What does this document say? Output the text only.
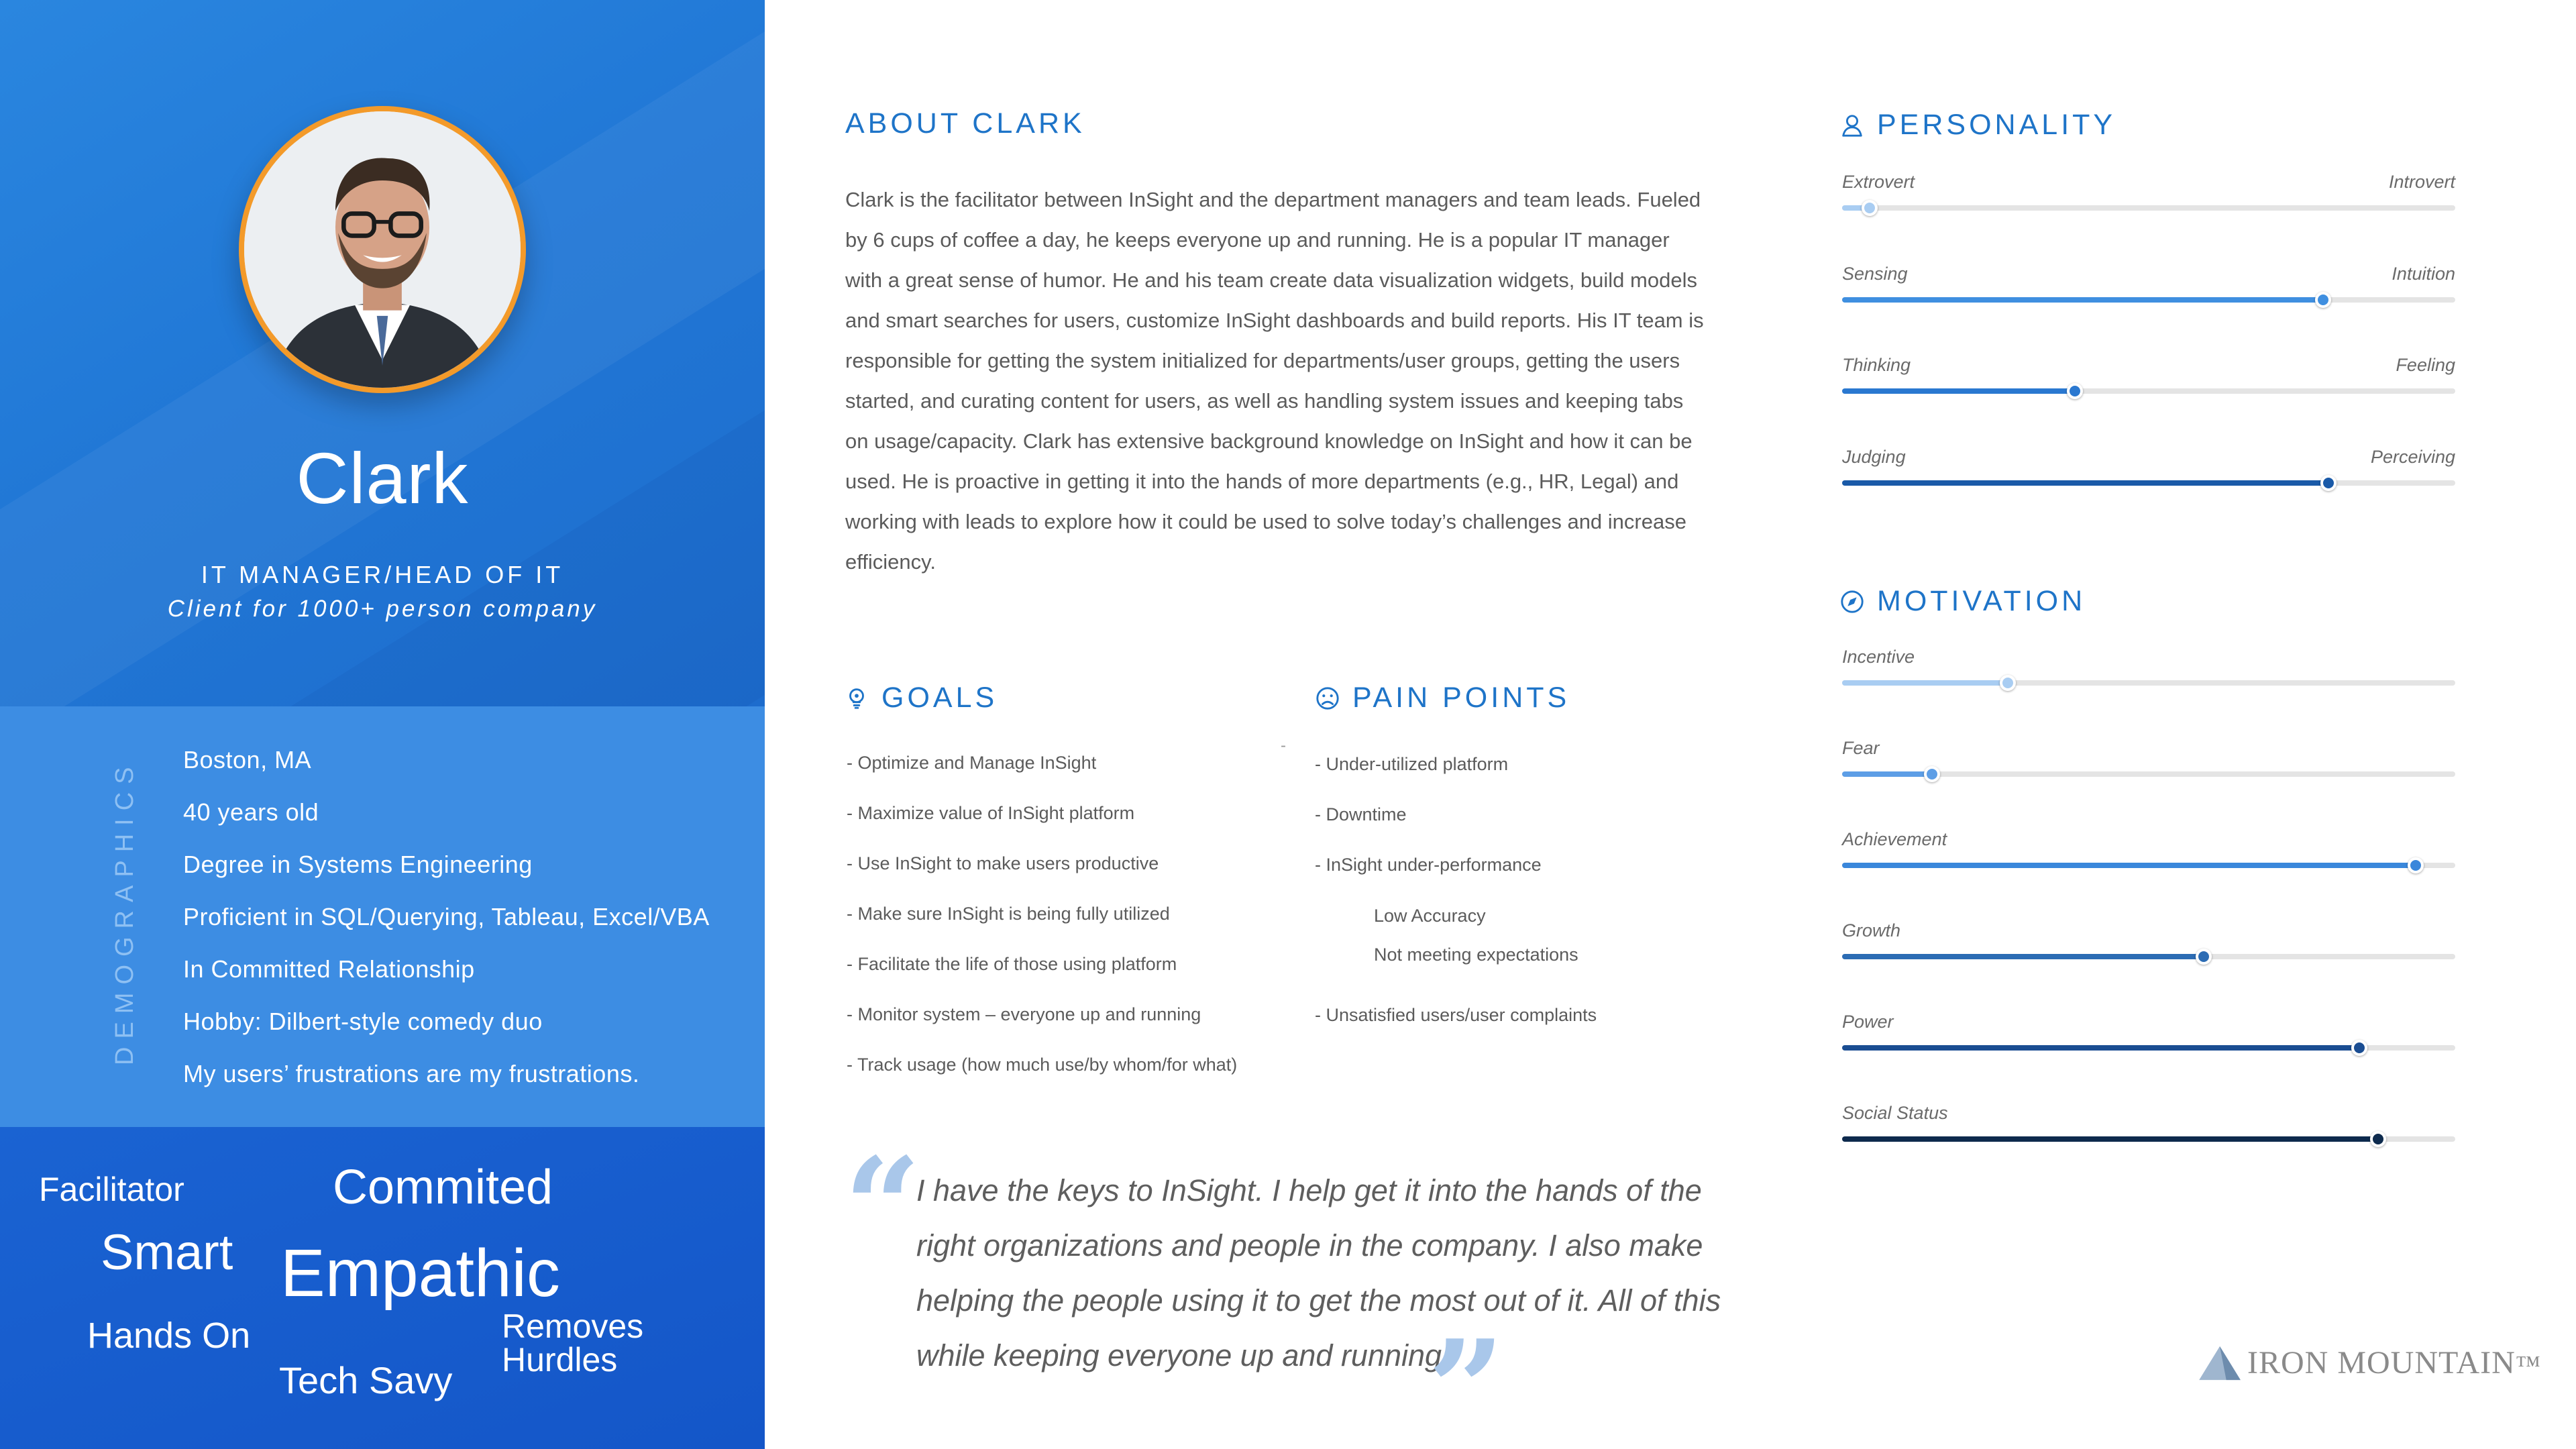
Clark
IT MANAGER/HEAD OF IT
Client for 1000+ person company
DEMOGRAPHICS Boston, MA
40 years old
Degree in Systems Engineering
Proficient in SQL/Querying, Tableau, Excel/VBA
In Committed Relationship
Hobby: Dilbert-style comedy duo
My users’ frustrations are my frustrations.
Facilitator	Commited
Smart Empathic
Hands On	Removes Hurdles
Tech Savy
ABOUT CLARK

Clark is the facilitator between InSight and the department managers and team leads. Fueled by 6 cups of coffee a day, he keeps everyone up and running. He is a popular IT manager with a great sense of humor. He and his team create data visualization widgets, build models and smart searches for users, customize InSight dashboards and build reports. His IT team is responsible for getting the system initialized for departments/user groups, getting the users started, and curating content for users, as well as handling system issues and keeping tabs on usage/capacity. Clark has extensive background knowledge on InSight and how it can be used. He is proactive in getting it into the hands of more departments (e.g., HR, Legal) and working with leads to explore how it could be used to solve today’s challenges and increase efficiency.

GOALS
- Optimize and Manage InSight
- Maximize value of InSight platform
- Use InSight to make users productive
- Make sure InSight is being fully utilized
- Facilitate the life of those using platform
- Monitor system – everyone up and running
- Track usage (how much use/by whom/for what)
-
PAIN POINTS
- Under-utilized platform
- Downtime
- InSight under-performance
Low Accuracy
Not meeting expectations
- Unsatisfied users/user complaints
“

I have the keys to InSight. I help get it into the hands of the right organizations and people in the company. I also make helping the people using it to get the most out of it. All of this while keeping everyone up and running.

”
PERSONALITY
Extrovert	Introvert
Sensing	Intuition
Thinking	Feeling
Judging	Perceiving
MOTIVATION
Incentive
Fear
Achievement
Growth
Power
Social Status
IRON MOUNTAIN™
